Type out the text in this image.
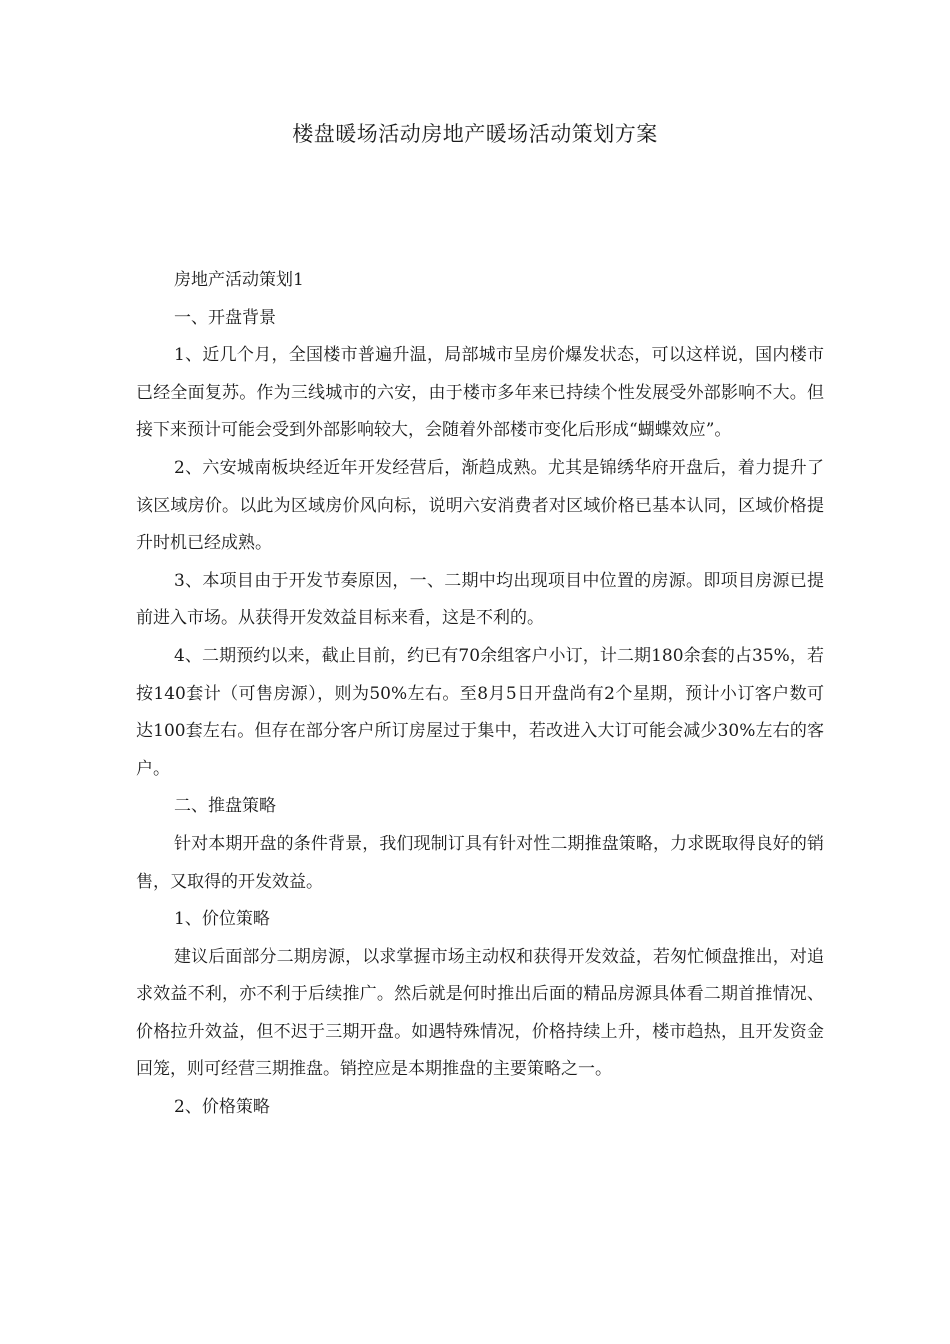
楼盘暖场活动房地产暖场活动策划方案

房地产活动策划1

一、开盘背景

1、近几个月，全国楼市普遍升温，局部城市呈房价爆发状态，可以这样说，国内楼市已经全面复苏。作为三线城市的六安，由于楼市多年来已持续个性发展受外部影响不大。但接下来预计可能会受到外部影响较大，会随着外部楼市变化后形成“蝴蝶效应”。

2、六安城南板块经近年开发经营后，渐趋成熟。尤其是锦绣华府开盘后，着力提升了该区域房价。以此为区域房价风向标，说明六安消费者对区域价格已基本认同，区域价格提升时机已经成熟。

3、本项目由于开发节奏原因，一、二期中均出现项目中位置的房源。即项目房源已提前进入市场。从获得开发效益目标来看，这是不利的。

4、二期预约以来，截止目前，约已有70余组客户小订，计二期180余套的占35%，若按140套计（可售房源），则为50%左右。至8月5日开盘尚有2个星期，预计小订客户数可达100套左右。但存在部分客户所订房屋过于集中，若改进入大订可能会减少30%左右的客户。

二、推盘策略

针对本期开盘的条件背景，我们现制订具有针对性二期推盘策略，力求既取得良好的销售，又取得的开发效益。

1、价位策略

建议后面部分二期房源，以求掌握市场主动权和获得开发效益，若匆忙倾盘推出，对追求效益不利，亦不利于后续推广。然后就是何时推出后面的精品房源具体看二期首推情况、价格拉升效益，但不迟于三期开盘。如遇特殊情况，价格持续上升，楼市趋热，且开发资金回笼，则可经营三期推盘。销控应是本期推盘的主要策略之一。

2、价格策略
